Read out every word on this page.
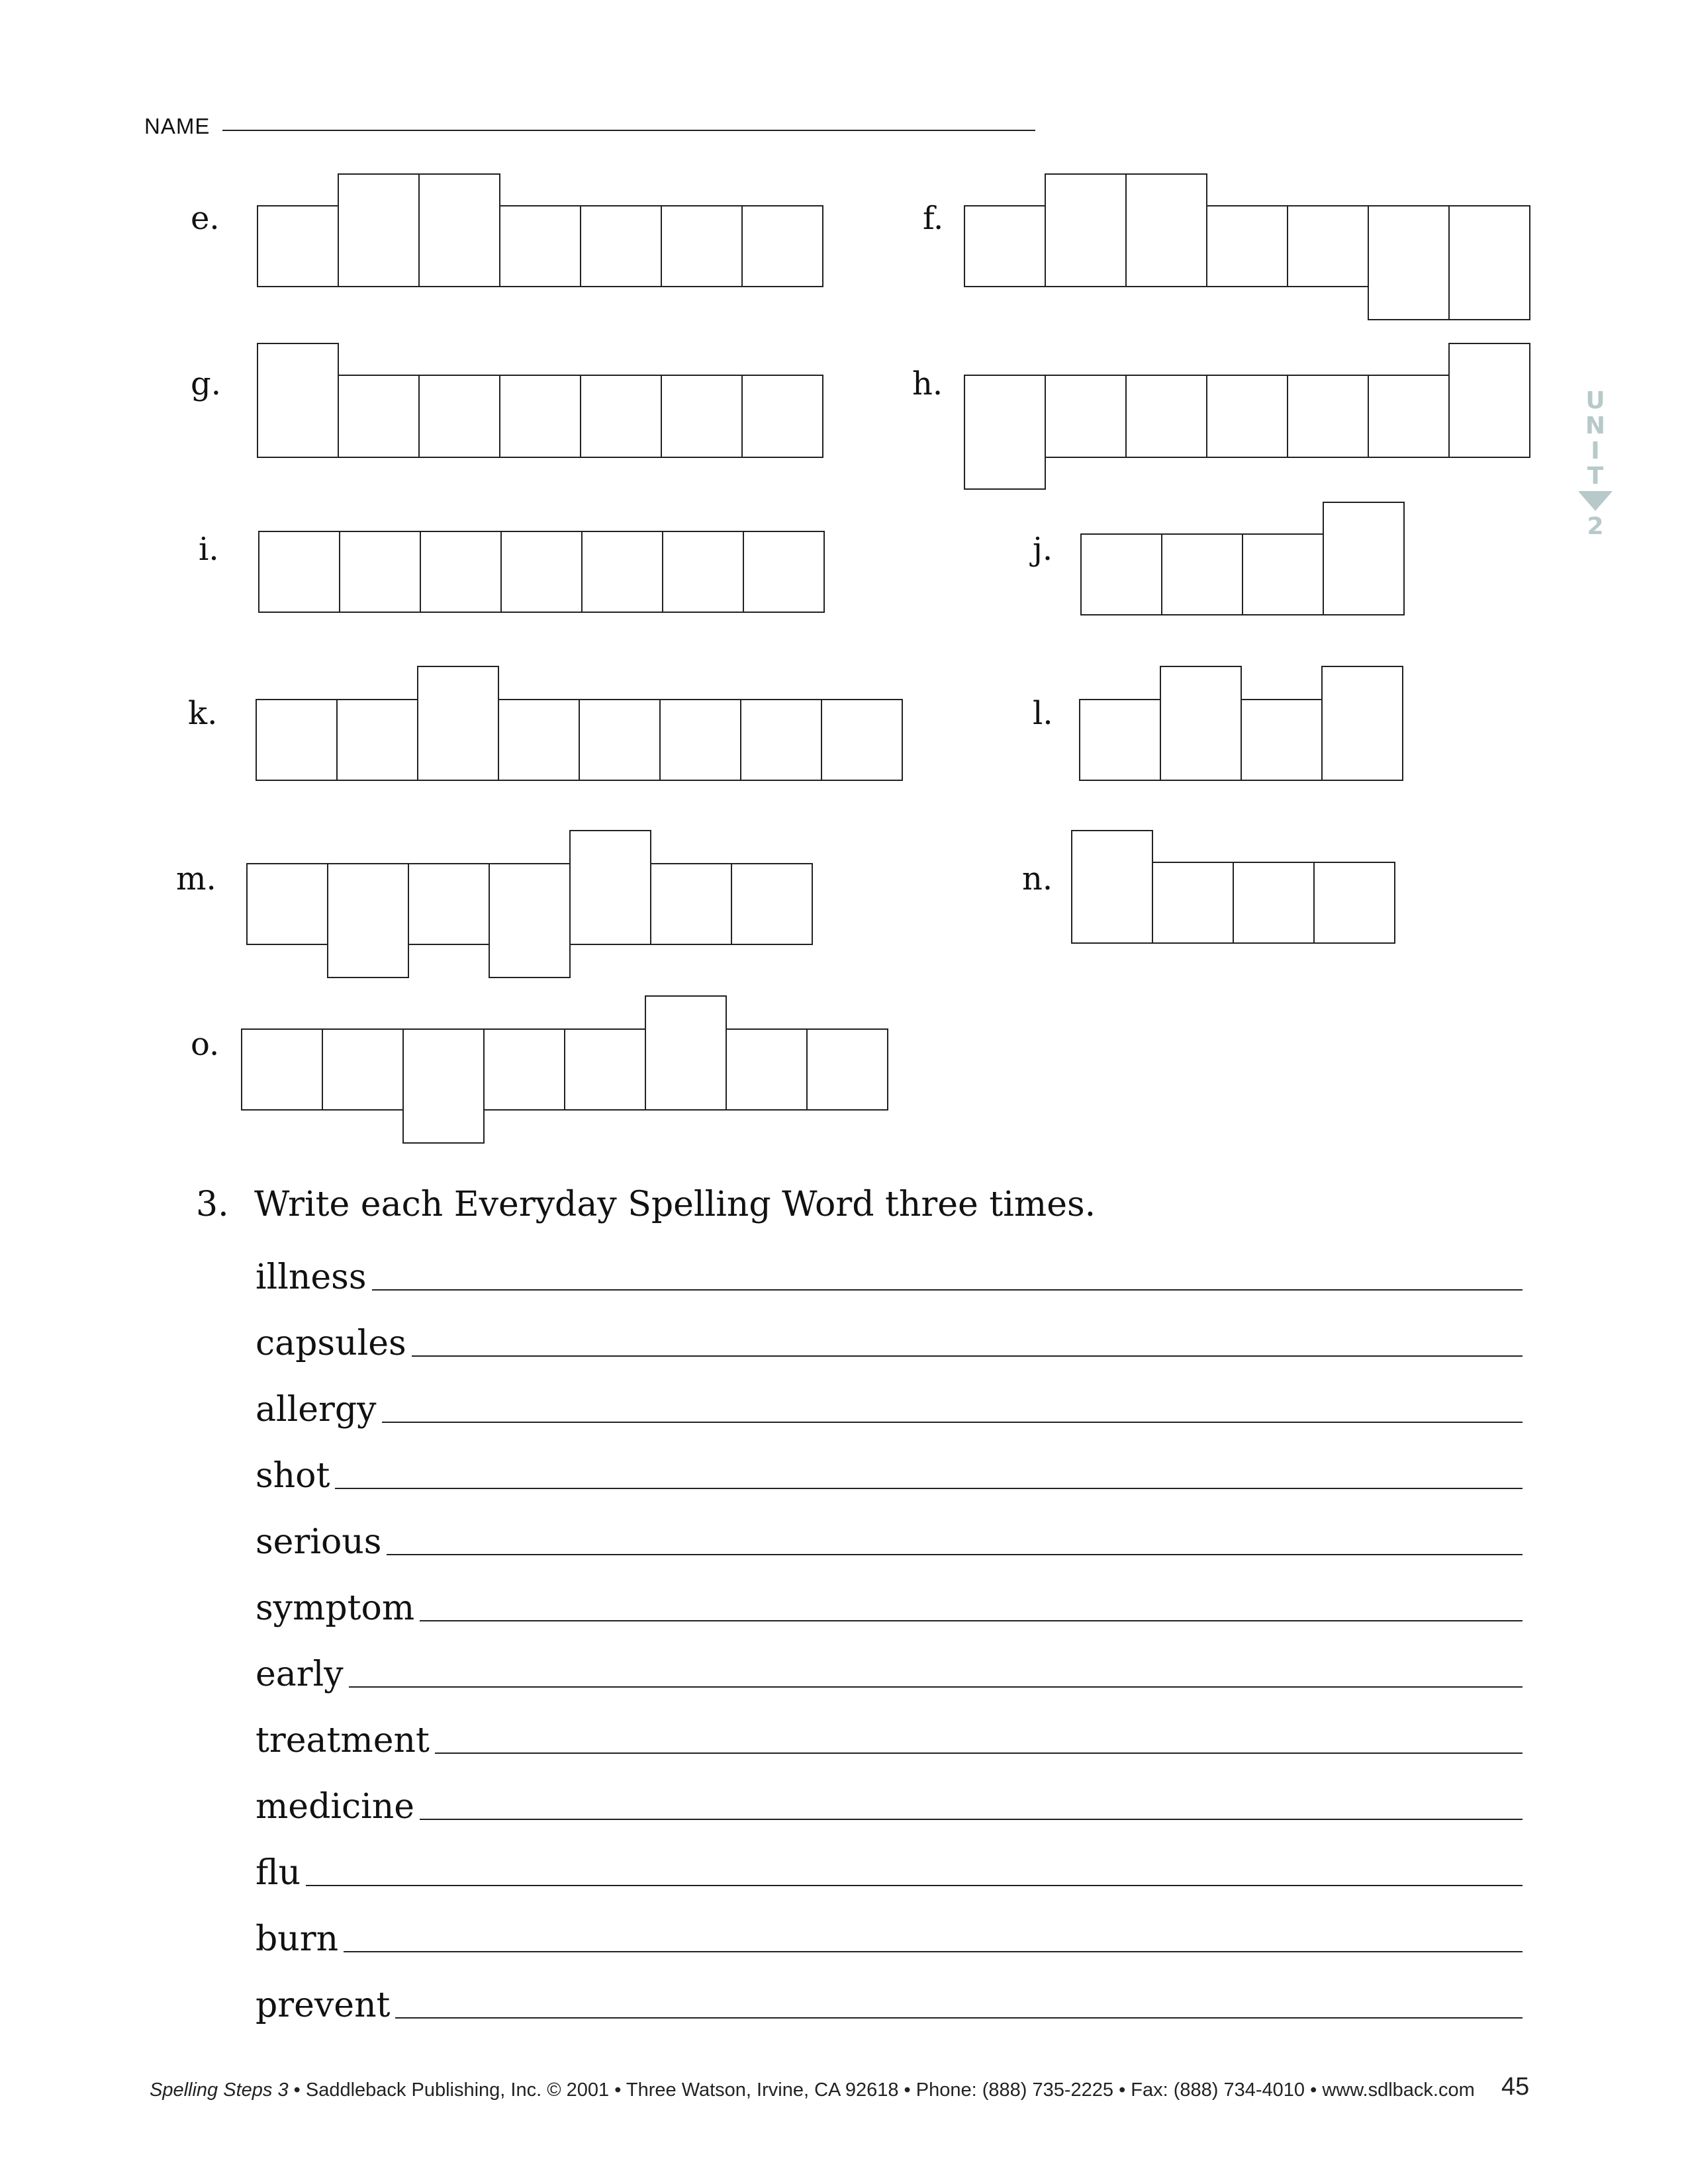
NAME
U
N
I
T
2
e.	f.
g.	h.
i.	j.
k.	l.
m.	n.
o.
3. Write each Everyday Spelling Word three times.
illness
capsules
allergy
shot
serious
symptom
early
treatment
medicine
flu
burn
prevent
Spelling Steps 3 • Saddleback Publishing, Inc. © 2001 • Three Watson, Irvine, CA 92618 • Phone: (888) 735-2225 • Fax: (888) 734-4010 • www.sdlback.com 45
